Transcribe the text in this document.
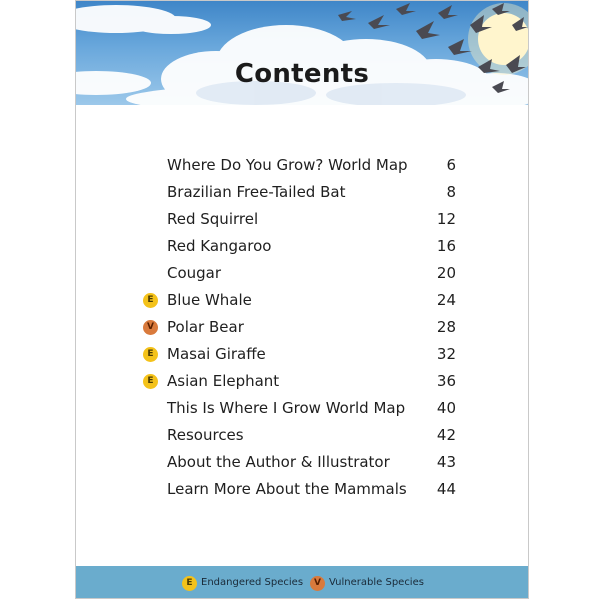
Contents
Where Do You Grow? World Map	6
Brazilian Free-Tailed Bat	8
Red Squirrel	12
Red Kangaroo	16
Cougar	20
E Blue Whale	24
V Polar Bear	28
E Masai Giraffe	32
E Asian Elephant	36
This Is Where I Grow World Map 40
Resources	42
About the Author & Illustrator	43
Learn More About the Mammals 44
E Endangered Species	V Vulnerable Species
